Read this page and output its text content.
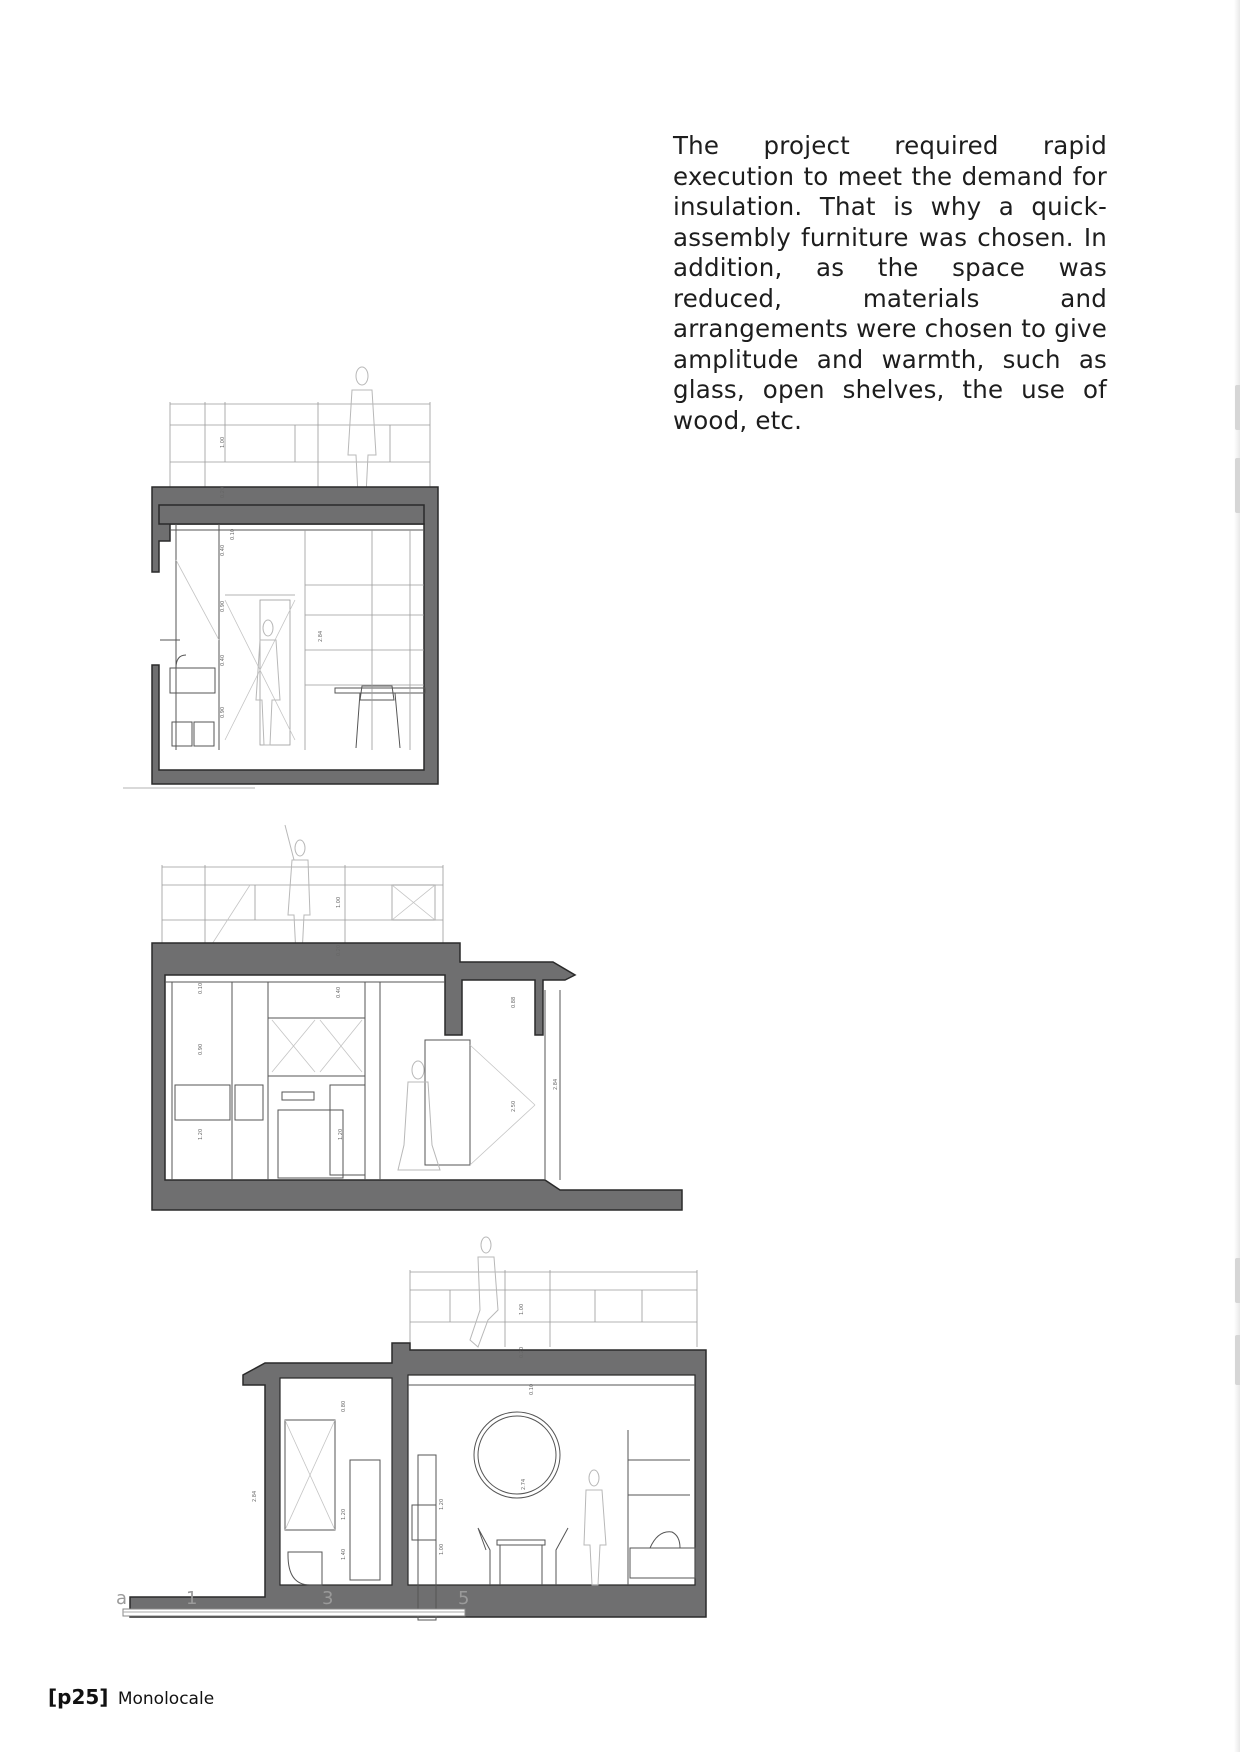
The project required rapid execution to meet the demand for insulation. That is why a quick-assembly furniture was chosen. In addition, as the space was reduced, materials and arrangements were chosen to give amplitude and warmth, such as glass, open shelves, the use of wood, etc.
1.00
0.20
0.10
0.40
0.90
0.40
0.90
2.84
1.00
0.20
0.10	0.40
0.90
1.20
0.88
2.50
2.84
1.20
1.00
0.20
0.10
0.80
2.74
2.84
1.20
1.20
1.00
1.40
a	1	3	5
[p25] Monolocale
